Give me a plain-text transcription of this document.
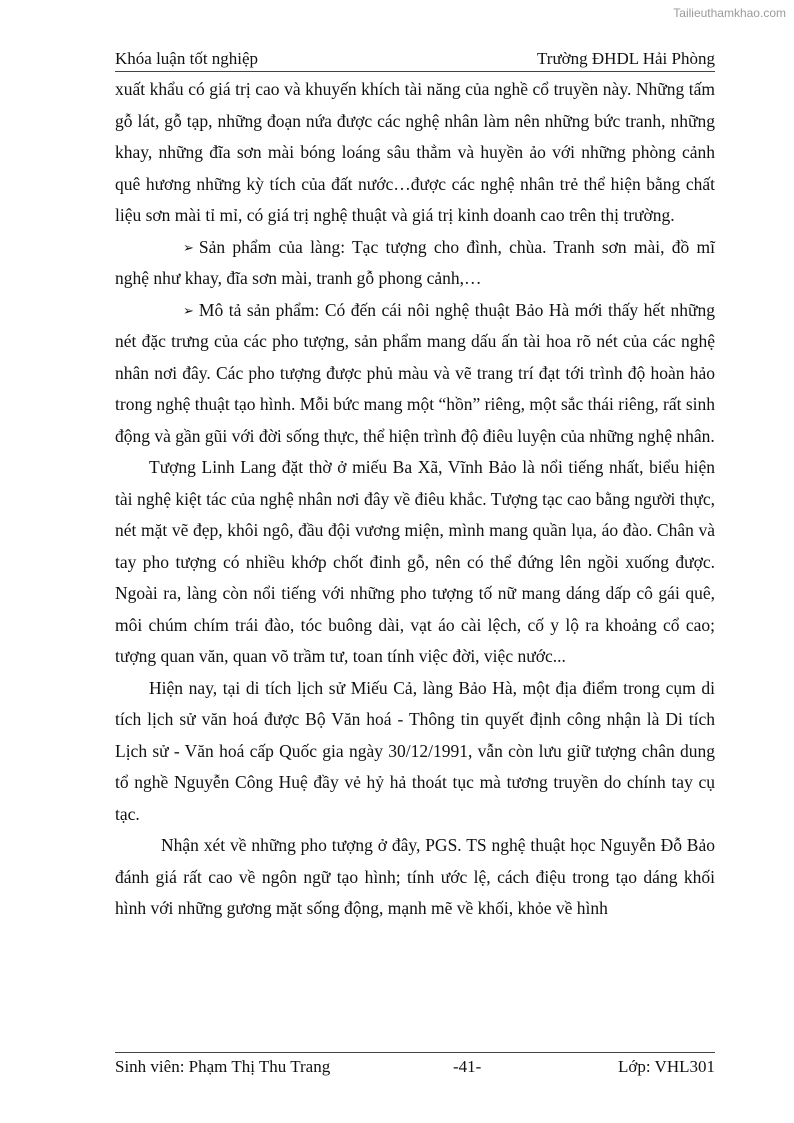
Tailieuthamkhao.com
Khóa luận tốt nghiệp	Trường ĐHDL Hải Phòng

xuất khẩu có giá trị cao và khuyến khích tài năng của nghề cổ truyền này. Những tấm gỗ lát, gỗ tạp, những đoạn nứa được các nghệ nhân làm nên những bức tranh, những khay, những đĩa sơn mài bóng loáng sâu thẳm và huyền ảo với những phòng cảnh quê hương những kỳ tích của đất nước…được các nghệ nhân trẻ thể hiện bằng chất liệu sơn mài tỉ mỉ, có giá trị nghệ thuật và giá trị kinh doanh cao trên thị trường.

➢ Sản phẩm của làng: Tạc tượng cho đình, chùa. Tranh sơn mài, đồ mĩ nghệ như khay, đĩa sơn mài, tranh gỗ phong cảnh,…

➢ Mô tả sản phẩm: Có đến cái nôi nghệ thuật Bảo Hà mới thấy hết những nét đặc trưng của các pho tượng, sản phẩm mang dấu ấn tài hoa rõ nét của các nghệ nhân nơi đây. Các pho tượng được phủ màu và vẽ trang trí đạt tới trình độ hoàn hảo trong nghệ thuật tạo hình. Mỗi bức mang một “hồn” riêng, một sắc thái riêng, rất sinh động và gần gũi với đời sống thực, thể hiện trình độ điêu luyện của những nghệ nhân.

Tượng Linh Lang đặt thờ ở miếu Ba Xã, Vĩnh Bảo là nổi tiếng nhất, biểu hiện tài nghệ kiệt tác của nghệ nhân nơi đây về điêu khắc. Tượng tạc cao bằng người thực, nét mặt vẽ đẹp, khôi ngô, đầu đội vương miện, mình mang quần lụa, áo đào. Chân và tay pho tượng có nhiều khớp chốt đinh gỗ, nên có thể đứng lên ngồi xuống được. Ngoài ra, làng còn nổi tiếng với những pho tượng tố nữ mang dáng dấp cô gái quê, môi chúm chím trái đào, tóc buông dài, vạt áo cài lệch, cố y lộ ra khoảng cổ cao; tượng quan văn, quan võ trầm tư, toan tính việc đời, việc nước...

Hiện nay, tại di tích lịch sử Miếu Cả, làng Bảo Hà, một địa điểm trong cụm di tích lịch sử văn hoá được Bộ Văn hoá - Thông tin quyết định công nhận là Di tích Lịch sử - Văn hoá cấp Quốc gia ngày 30/12/1991, vẫn còn lưu giữ tượng chân dung tổ nghề Nguyễn Công Huệ đầy vẻ hỷ hả thoát tục mà tương truyền do chính tay cụ tạc.

Nhận xét về những pho tượng ở đây, PGS. TS nghệ thuật học Nguyễn Đỗ Bảo đánh giá rất cao về ngôn ngữ tạo hình; tính ước lệ, cách điệu trong tạo dáng khối hình với những gương mặt sống động, mạnh mẽ về khối, khỏe về hình

Sinh viên: Phạm Thị Thu Trang	-41-	Lớp: VHL301
